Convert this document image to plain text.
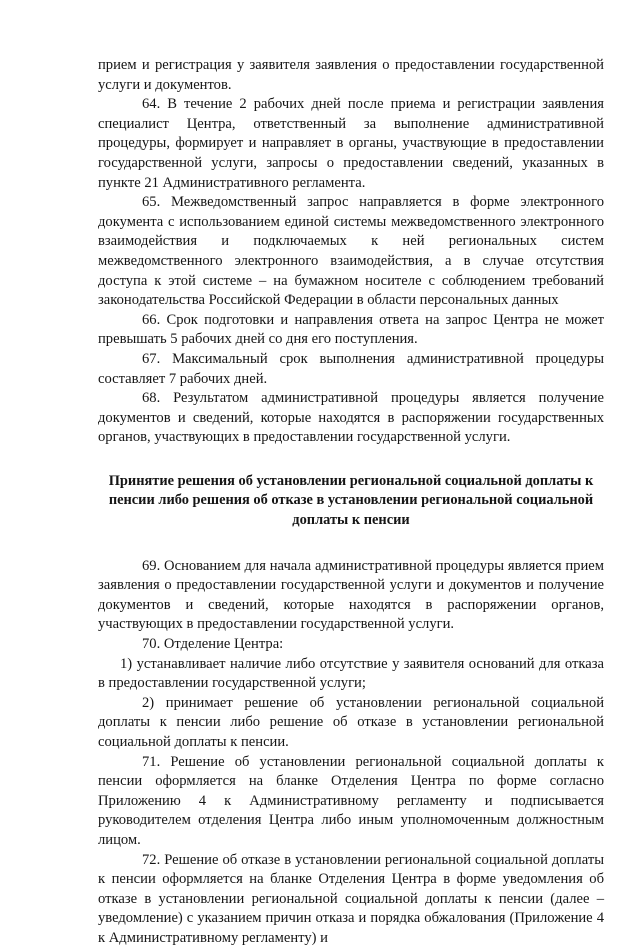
прием и регистрация у заявителя заявления о предоставлении государственной услуги и документов.

64. В течение 2 рабочих дней после приема и регистрации заявления специалист Центра, ответственный за выполнение административной процедуры, формирует и направляет в органы, участвующие в предоставлении государственной услуги, запросы о предоставлении сведений, указанных в пункте 21 Административного регламента.

65. Межведомственный запрос направляется в форме электронного документа с использованием единой системы межведомственного электронного взаимодействия и подключаемых к ней региональных систем межведомственного электронного взаимодействия, а в случае отсутствия доступа к этой системе – на бумажном носителе с соблюдением требований законодательства Российской Федерации в области персональных данных

66. Срок подготовки и направления ответа на запрос Центра не может превышать 5 рабочих дней со дня его поступления.

67. Максимальный срок выполнения административной процедуры составляет 7 рабочих дней.

68. Результатом административной процедуры является получение документов и сведений, которые находятся в распоряжении государственных органов, участвующих в предоставлении государственной услуги.

Принятие решения об установлении региональной социальной доплаты к пенсии либо решения об отказе в установлении региональной социальной доплаты к пенсии

69. Основанием для начала административной процедуры является прием заявления о предоставлении государственной услуги и документов и получение документов и сведений, которые находятся в распоряжении органов, участвующих в предоставлении государственной услуги.

70. Отделение Центра:

1) устанавливает наличие либо отсутствие у заявителя оснований для отказа в предоставлении государственной услуги;

2) принимает решение об установлении региональной социальной доплаты к пенсии либо решение об отказе в установлении региональной социальной доплаты к пенсии.

71. Решение об установлении региональной социальной доплаты к пенсии оформляется на бланке Отделения Центра по форме согласно Приложению 4 к Административному регламенту и подписывается руководителем отделения Центра либо иным уполномоченным должностным лицом.

72. Решение об отказе в установлении региональной социальной доплаты к пенсии оформляется на бланке Отделения Центра в форме уведомления об отказе в установлении региональной социальной доплаты к пенсии (далее – уведомление) с указанием причин отказа и порядка обжалования (Приложение 4 к Административному регламенту) и
